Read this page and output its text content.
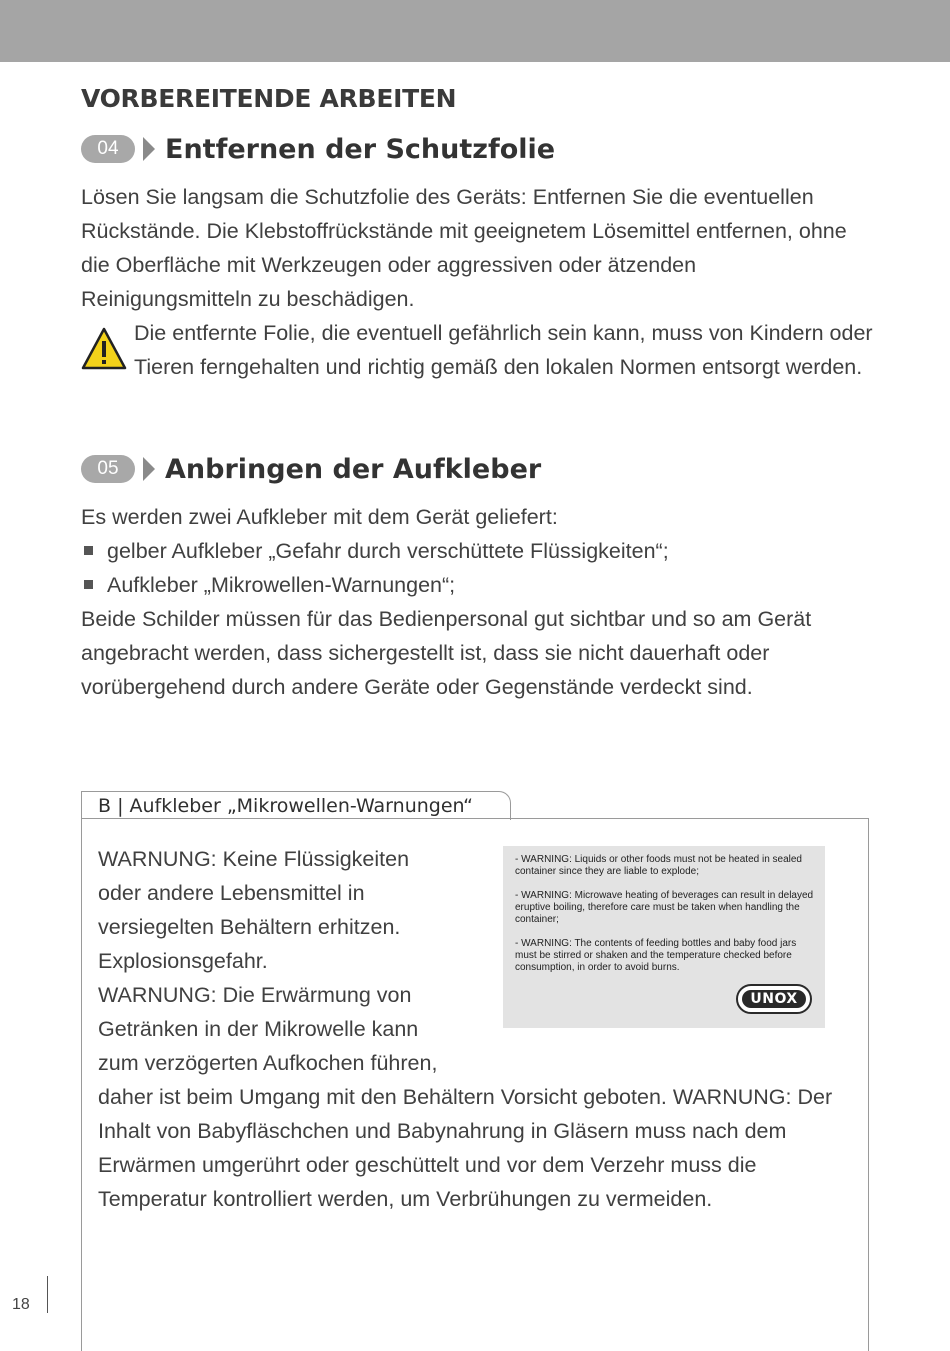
VORBEREITENDE ARBEITEN
04	Entfernen der Schutzfolie

Lösen Sie langsam die Schutzfolie des Geräts: Entfernen Sie die eventuellen Rückstände. Die Klebstoffrückstände mit geeignetem Lösemittel entfernen, ohne die Oberfläche mit Werkzeugen oder aggressiven oder ätzenden Reinigungsmitteln zu beschädigen.

Die entfernte Folie, die eventuell gefährlich sein kann, muss von Kindern oder Tieren ferngehalten und richtig gemäß den lokalen Normen entsorgt werden.
05	Anbringen der Aufkleber

Es werden zwei Aufkleber mit dem Gerät geliefert:

gelber Aufkleber „Gefahr durch verschüttete Flüssigkeiten“;
Aufkleber „Mikrowellen-Warnungen“;

Beide Schilder müssen für das Bedienpersonal gut sichtbar und so am Gerät angebracht werden, dass sichergestellt ist, dass sie nicht dauerhaft oder vorübergehend durch andere Geräte oder Gegenstände verdeckt sind.

B | Aufkleber „Mikrowellen-Warnungen“
WARNUNG: Keine Flüssigkeiten
oder andere Lebensmittel in
versiegelten Behältern erhitzen.
Explosionsgefahr.
WARNUNG: Die Erwärmung von
Getränken in der Mikrowelle kann
zum verzögerten Aufkochen führen,
daher ist beim Umgang mit den Behältern Vorsicht geboten. WARNUNG: Der Inhalt von Babyfläschchen und Babynahrung in Gläsern muss nach dem Erwärmen umgerührt oder geschüttelt und vor dem Verzehr muss die Temperatur kontrolliert werden, um Verbrühungen zu vermeiden.
- WARNING: Liquids or other foods must not be heated in sealed container since they are liable to explode;
- WARNING: Microwave heating of beverages can result in delayed eruptive boiling, therefore care must be taken when handling the container;
- WARNING: The contents of feeding bottles and baby food jars must be stirred or shaken and the temperature checked before consumption, in order to avoid burns.
UNOX
18
